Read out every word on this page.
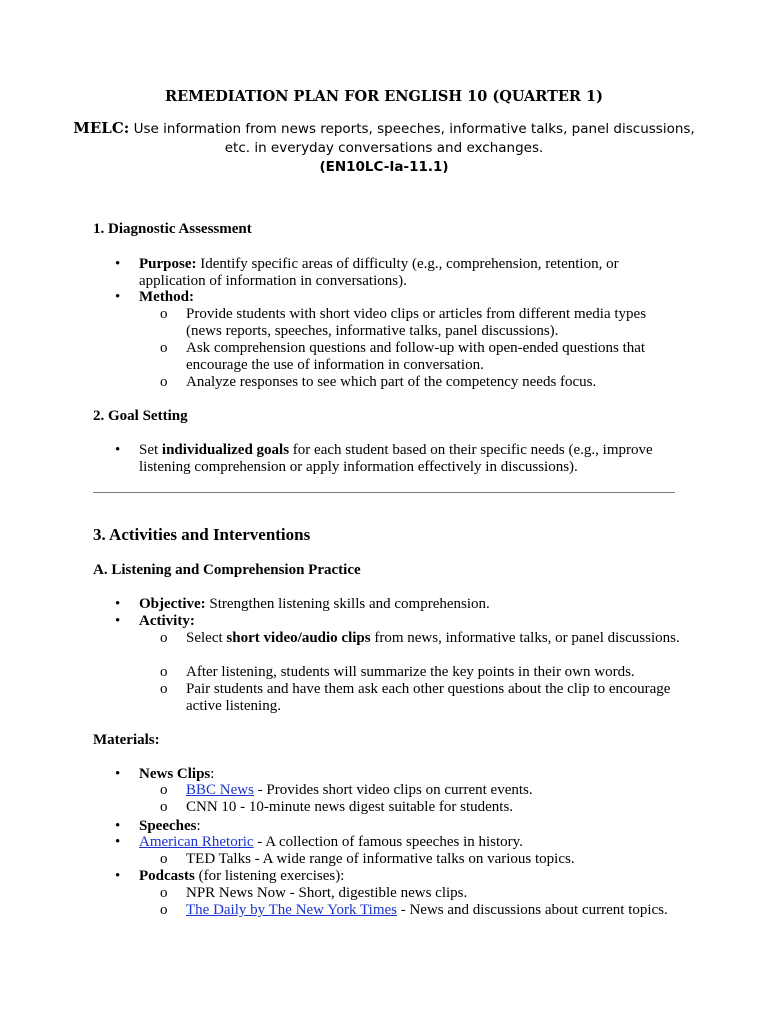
REMEDIATION PLAN FOR ENGLISH 10 (QUARTER 1)
MELC: Use information from news reports, speeches, informative talks, panel discussions, etc. in everyday conversations and exchanges.
(EN10LC-Ia-11.1)
1. Diagnostic Assessment
•
Purpose: Identify specific areas of difficulty (e.g., comprehension, retention, or application of information in conversations).
•
Method:
o
Provide students with short video clips or articles from different media types (news reports, speeches, informative talks, panel discussions).
o
Ask comprehension questions and follow-up with open-ended questions that encourage the use of information in conversation.
o
Analyze responses to see which part of the competency needs focus.
2. Goal Setting
•
Set individualized goals for each student based on their specific needs (e.g., improve listening comprehension or apply information effectively in discussions).
3. Activities and Interventions
A. Listening and Comprehension Practice
•
Objective: Strengthen listening skills and comprehension.
•
Activity:
o
Select short video/audio clips from news, informative talks, or panel discussions.
o
After listening, students will summarize the key points in their own words.
o
Pair students and have them ask each other questions about the clip to encourage active listening.
Materials:
•
News Clips:
o
BBC News - Provides short video clips on current events.
o
CNN 10 - 10-minute news digest suitable for students.
•
Speeches:
•
American Rhetoric - A collection of famous speeches in history.
o
TED Talks - A wide range of informative talks on various topics.
•
Podcasts (for listening exercises):
o
NPR News Now - Short, digestible news clips.
o
The Daily by The New York Times - News and discussions about current topics.
